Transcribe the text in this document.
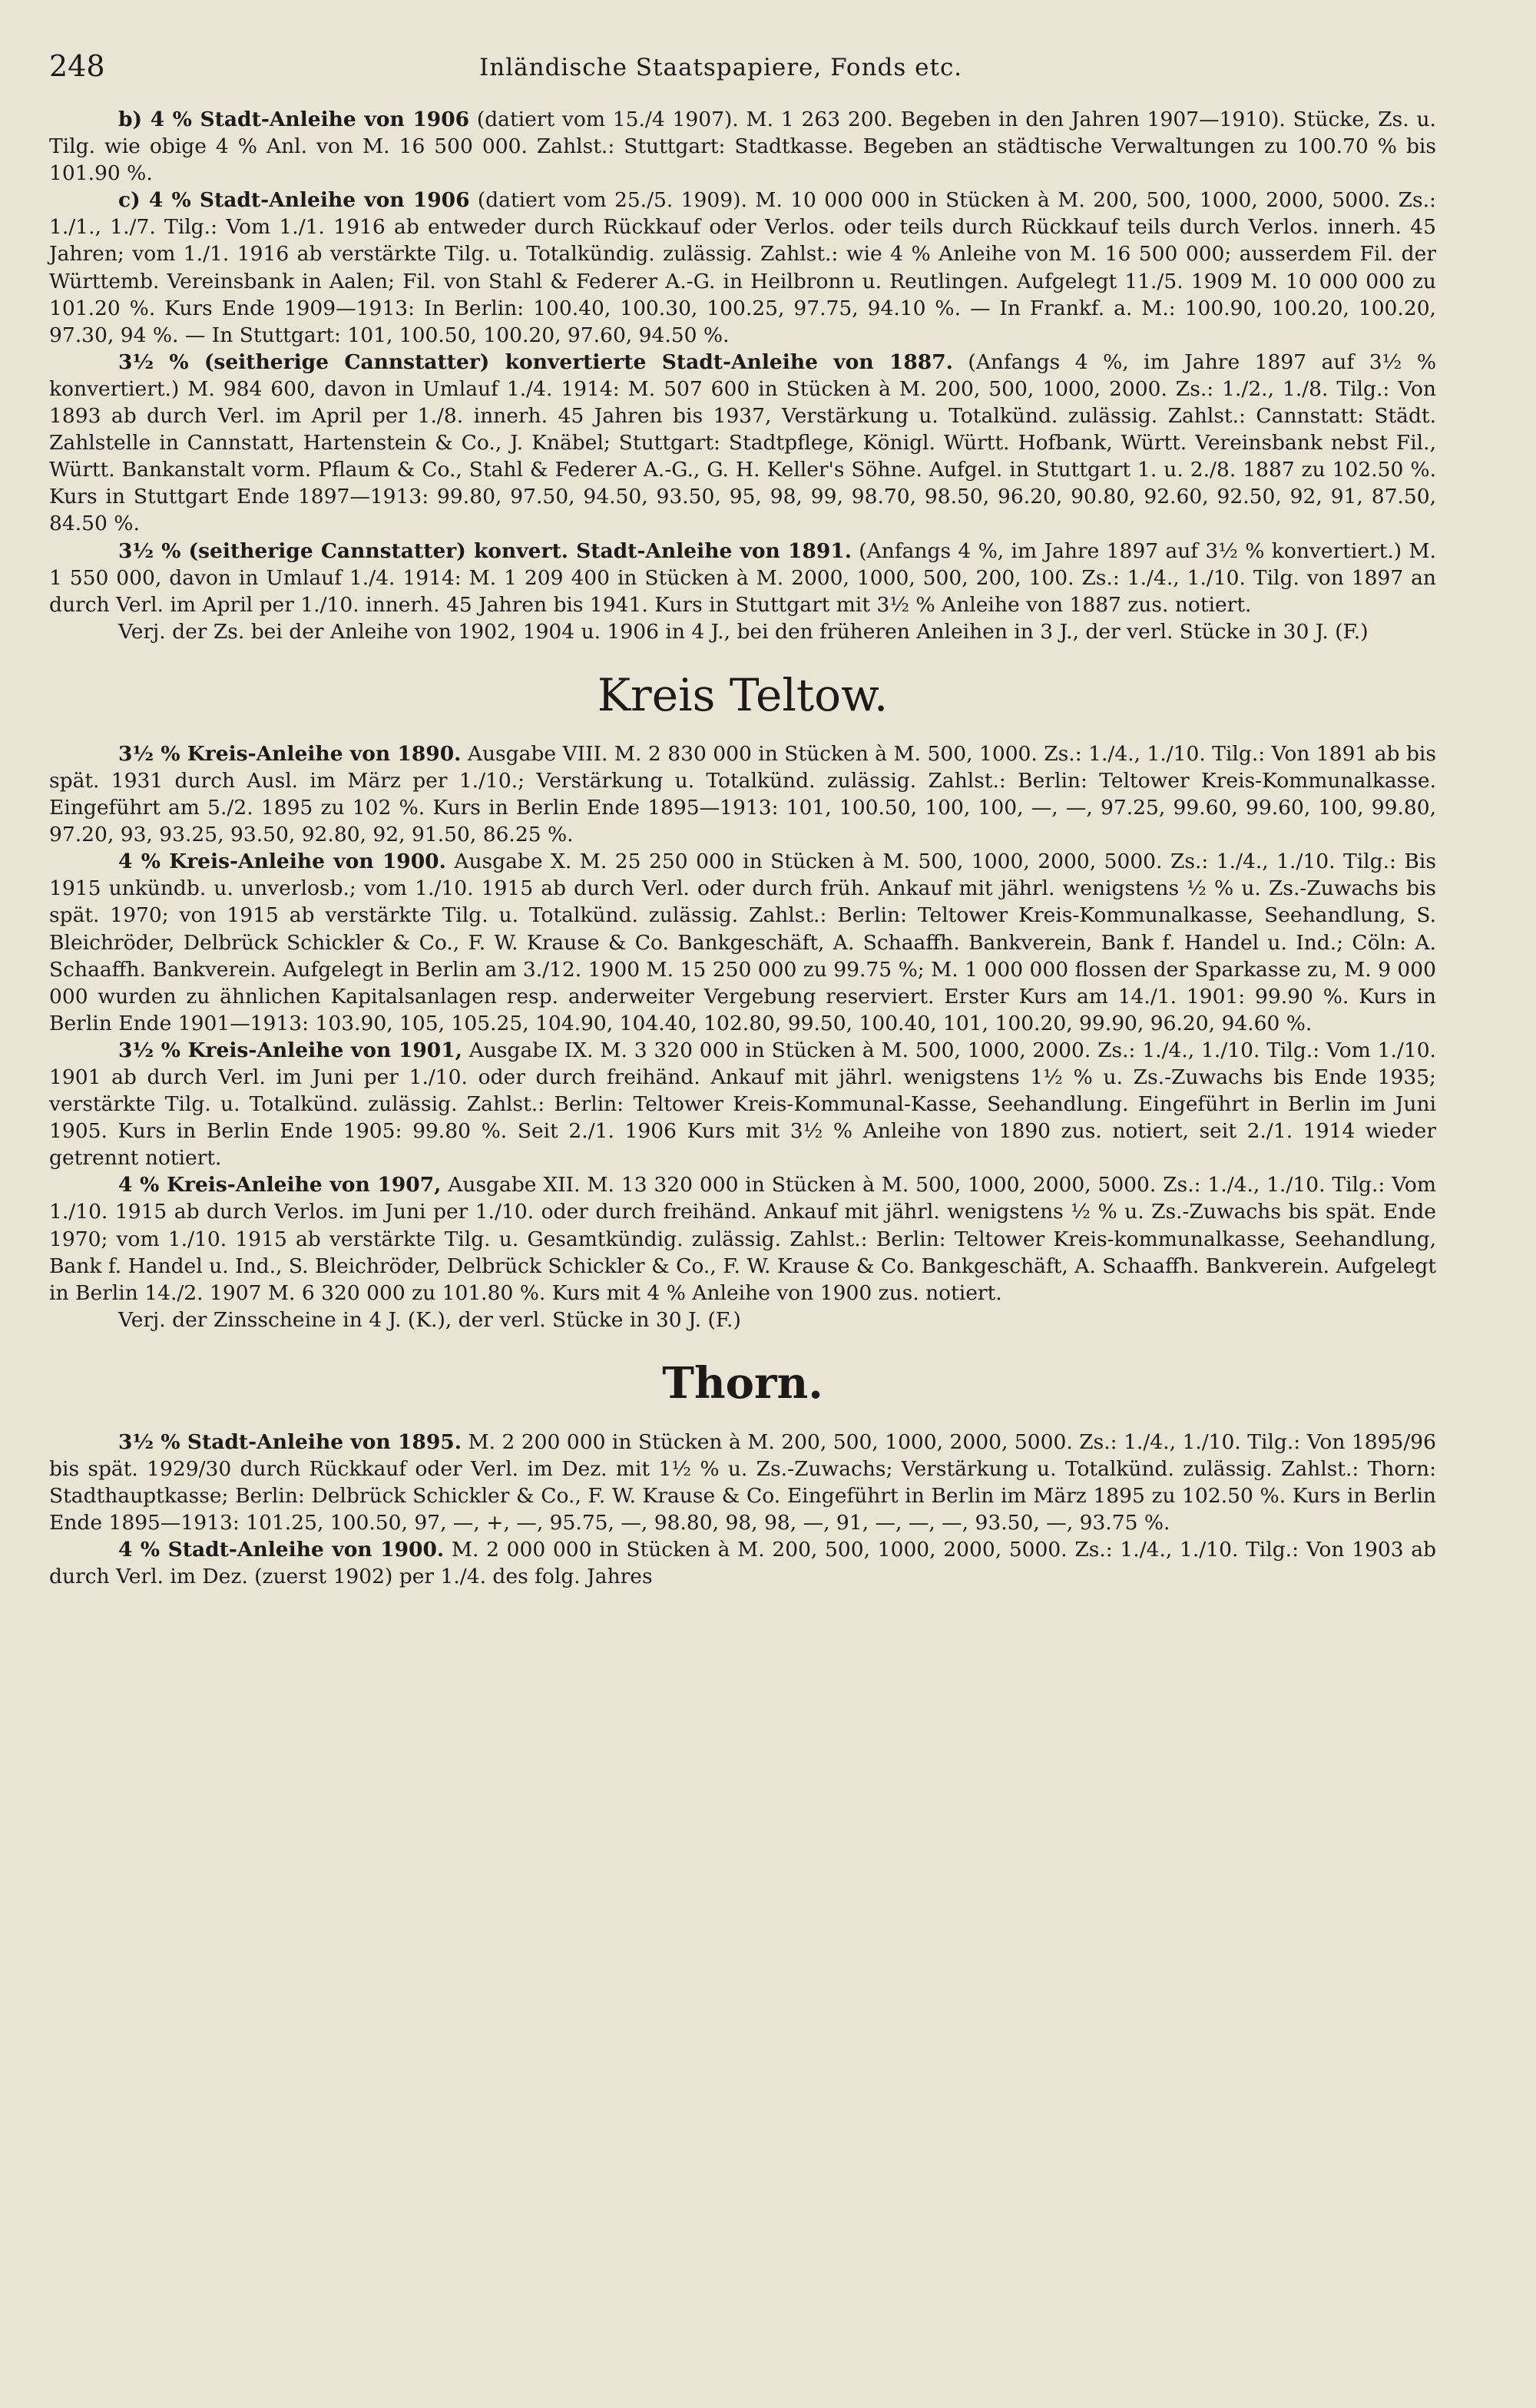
248	Inländische Staatspapiere, Fonds etc.

b) 4 % Stadt-Anleihe von 1906 (datiert vom 15./4 1907). M. 1 263 200. Begeben in den Jahren 1907—1910). Stücke, Zs. u. Tilg. wie obige 4 % Anl. von M. 16 500 000. Zahlst.: Stuttgart: Stadtkasse. Begeben an städtische Verwaltungen zu 100.70 % bis 101.90 %.

c) 4 % Stadt-Anleihe von 1906 (datiert vom 25./5. 1909). M. 10 000 000 in Stücken à M. 200, 500, 1000, 2000, 5000. Zs.: 1./1., 1./7. Tilg.: Vom 1./1. 1916 ab entweder durch Rückkauf oder Verlos. oder teils durch Rückkauf teils durch Verlos. innerh. 45 Jahren; vom 1./1. 1916 ab verstärkte Tilg. u. Totalkündig. zulässig. Zahlst.: wie 4 % Anleihe von M. 16 500 000; ausserdem Fil. der Württemb. Vereinsbank in Aalen; Fil. von Stahl & Federer A.-G. in Heilbronn u. Reutlingen. Aufgelegt 11./5. 1909 M. 10 000 000 zu 101.20 %. Kurs Ende 1909—1913: In Berlin: 100.40, 100.30, 100.25, 97.75, 94.10 %. — In Frankf. a. M.: 100.90, 100.20, 100.20, 97.30, 94 %. — In Stuttgart: 101, 100.50, 100.20, 97.60, 94.50 %.

3½ % (seitherige Cannstatter) konvertierte Stadt-Anleihe von 1887. (Anfangs 4 %, im Jahre 1897 auf 3½ % konvertiert.) M. 984 600, davon in Umlauf 1./4. 1914: M. 507 600 in Stücken à M. 200, 500, 1000, 2000. Zs.: 1./2., 1./8. Tilg.: Von 1893 ab durch Verl. im April per 1./8. innerh. 45 Jahren bis 1937, Verstärkung u. Totalkünd. zulässig. Zahlst.: Cannstatt: Städt. Zahlstelle in Cannstatt, Hartenstein & Co., J. Knäbel; Stuttgart: Stadtpflege, Königl. Württ. Hofbank, Württ. Vereinsbank nebst Fil., Württ. Bankanstalt vorm. Pflaum & Co., Stahl & Federer A.-G., G. H. Keller's Söhne. Aufgel. in Stuttgart 1. u. 2./8. 1887 zu 102.50 %. Kurs in Stuttgart Ende 1897—1913: 99.80, 97.50, 94.50, 93.50, 95, 98, 99, 98.70, 98.50, 96.20, 90.80, 92.60, 92.50, 92, 91, 87.50, 84.50 %.

3½ % (seitherige Cannstatter) konvert. Stadt-Anleihe von 1891. (Anfangs 4 %, im Jahre 1897 auf 3½ % konvertiert.) M. 1 550 000, davon in Umlauf 1./4. 1914: M. 1 209 400 in Stücken à M. 2000, 1000, 500, 200, 100. Zs.: 1./4., 1./10. Tilg. von 1897 an durch Verl. im April per 1./10. innerh. 45 Jahren bis 1941. Kurs in Stuttgart mit 3½ % Anleihe von 1887 zus. notiert.

Verj. der Zs. bei der Anleihe von 1902, 1904 u. 1906 in 4 J., bei den früheren Anleihen in 3 J., der verl. Stücke in 30 J. (F.)

Kreis Teltow.

3½ % Kreis-Anleihe von 1890. Ausgabe VIII. M. 2 830 000 in Stücken à M. 500, 1000. Zs.: 1./4., 1./10. Tilg.: Von 1891 ab bis spät. 1931 durch Ausl. im März per 1./10.; Verstärkung u. Totalkünd. zulässig. Zahlst.: Berlin: Teltower Kreis-Kommunalkasse. Eingeführt am 5./2. 1895 zu 102 %. Kurs in Berlin Ende 1895—1913: 101, 100.50, 100, 100, —, —, 97.25, 99.60, 99.60, 100, 99.80, 97.20, 93, 93.25, 93.50, 92.80, 92, 91.50, 86.25 %.

4 % Kreis-Anleihe von 1900. Ausgabe X. M. 25 250 000 in Stücken à M. 500, 1000, 2000, 5000. Zs.: 1./4., 1./10. Tilg.: Bis 1915 unkündb. u. unverlosb.; vom 1./10. 1915 ab durch Verl. oder durch früh. Ankauf mit jährl. wenigstens ½ % u. Zs.-Zuwachs bis spät. 1970; von 1915 ab verstärkte Tilg. u. Totalkünd. zulässig. Zahlst.: Berlin: Teltower Kreis-Kommunalkasse, Seehandlung, S. Bleichröder, Delbrück Schickler & Co., F. W. Krause & Co. Bankgeschäft, A. Schaaffh. Bankverein, Bank f. Handel u. Ind.; Cöln: A. Schaaffh. Bankverein. Aufgelegt in Berlin am 3./12. 1900 M. 15 250 000 zu 99.75 %; M. 1 000 000 flossen der Sparkasse zu, M. 9 000 000 wurden zu ähnlichen Kapitalsanlagen resp. anderweiter Vergebung reserviert. Erster Kurs am 14./1. 1901: 99.90 %. Kurs in Berlin Ende 1901—1913: 103.90, 105, 105.25, 104.90, 104.40, 102.80, 99.50, 100.40, 101, 100.20, 99.90, 96.20, 94.60 %.

3½ % Kreis-Anleihe von 1901, Ausgabe IX. M. 3 320 000 in Stücken à M. 500, 1000, 2000. Zs.: 1./4., 1./10. Tilg.: Vom 1./10. 1901 ab durch Verl. im Juni per 1./10. oder durch freihänd. Ankauf mit jährl. wenigstens 1½ % u. Zs.-Zuwachs bis Ende 1935; verstärkte Tilg. u. Totalkünd. zulässig. Zahlst.: Berlin: Teltower Kreis-Kommunal-Kasse, Seehandlung. Eingeführt in Berlin im Juni 1905. Kurs in Berlin Ende 1905: 99.80 %. Seit 2./1. 1906 Kurs mit 3½ % Anleihe von 1890 zus. notiert, seit 2./1. 1914 wieder getrennt notiert.

4 % Kreis-Anleihe von 1907, Ausgabe XII. M. 13 320 000 in Stücken à M. 500, 1000, 2000, 5000. Zs.: 1./4., 1./10. Tilg.: Vom 1./10. 1915 ab durch Verlos. im Juni per 1./10. oder durch freihänd. Ankauf mit jährl. wenigstens ½ % u. Zs.-Zuwachs bis spät. Ende 1970; vom 1./10. 1915 ab verstärkte Tilg. u. Gesamtkündig. zulässig. Zahlst.: Berlin: Teltower Kreis-kommunalkasse, Seehandlung, Bank f. Handel u. Ind., S. Bleichröder, Delbrück Schickler & Co., F. W. Krause & Co. Bankgeschäft, A. Schaaffh. Bankverein. Aufgelegt in Berlin 14./2. 1907 M. 6 320 000 zu 101.80 %. Kurs mit 4 % Anleihe von 1900 zus. notiert.

Verj. der Zinsscheine in 4 J. (K.), der verl. Stücke in 30 J. (F.)

Thorn.

3½ % Stadt-Anleihe von 1895. M. 2 200 000 in Stücken à M. 200, 500, 1000, 2000, 5000. Zs.: 1./4., 1./10. Tilg.: Von 1895/96 bis spät. 1929/30 durch Rückkauf oder Verl. im Dez. mit 1½ % u. Zs.-Zuwachs; Verstärkung u. Totalkünd. zulässig. Zahlst.: Thorn: Stadthauptkasse; Berlin: Delbrück Schickler & Co., F. W. Krause & Co. Eingeführt in Berlin im März 1895 zu 102.50 %. Kurs in Berlin Ende 1895—1913: 101.25, 100.50, 97, —, +, —, 95.75, —, 98.80, 98, 98, —, 91, —, —, —, 93.50, —, 93.75 %.

4 % Stadt-Anleihe von 1900. M. 2 000 000 in Stücken à M. 200, 500, 1000, 2000, 5000. Zs.: 1./4., 1./10. Tilg.: Von 1903 ab durch Verl. im Dez. (zuerst 1902) per 1./4. des folg. Jahres
